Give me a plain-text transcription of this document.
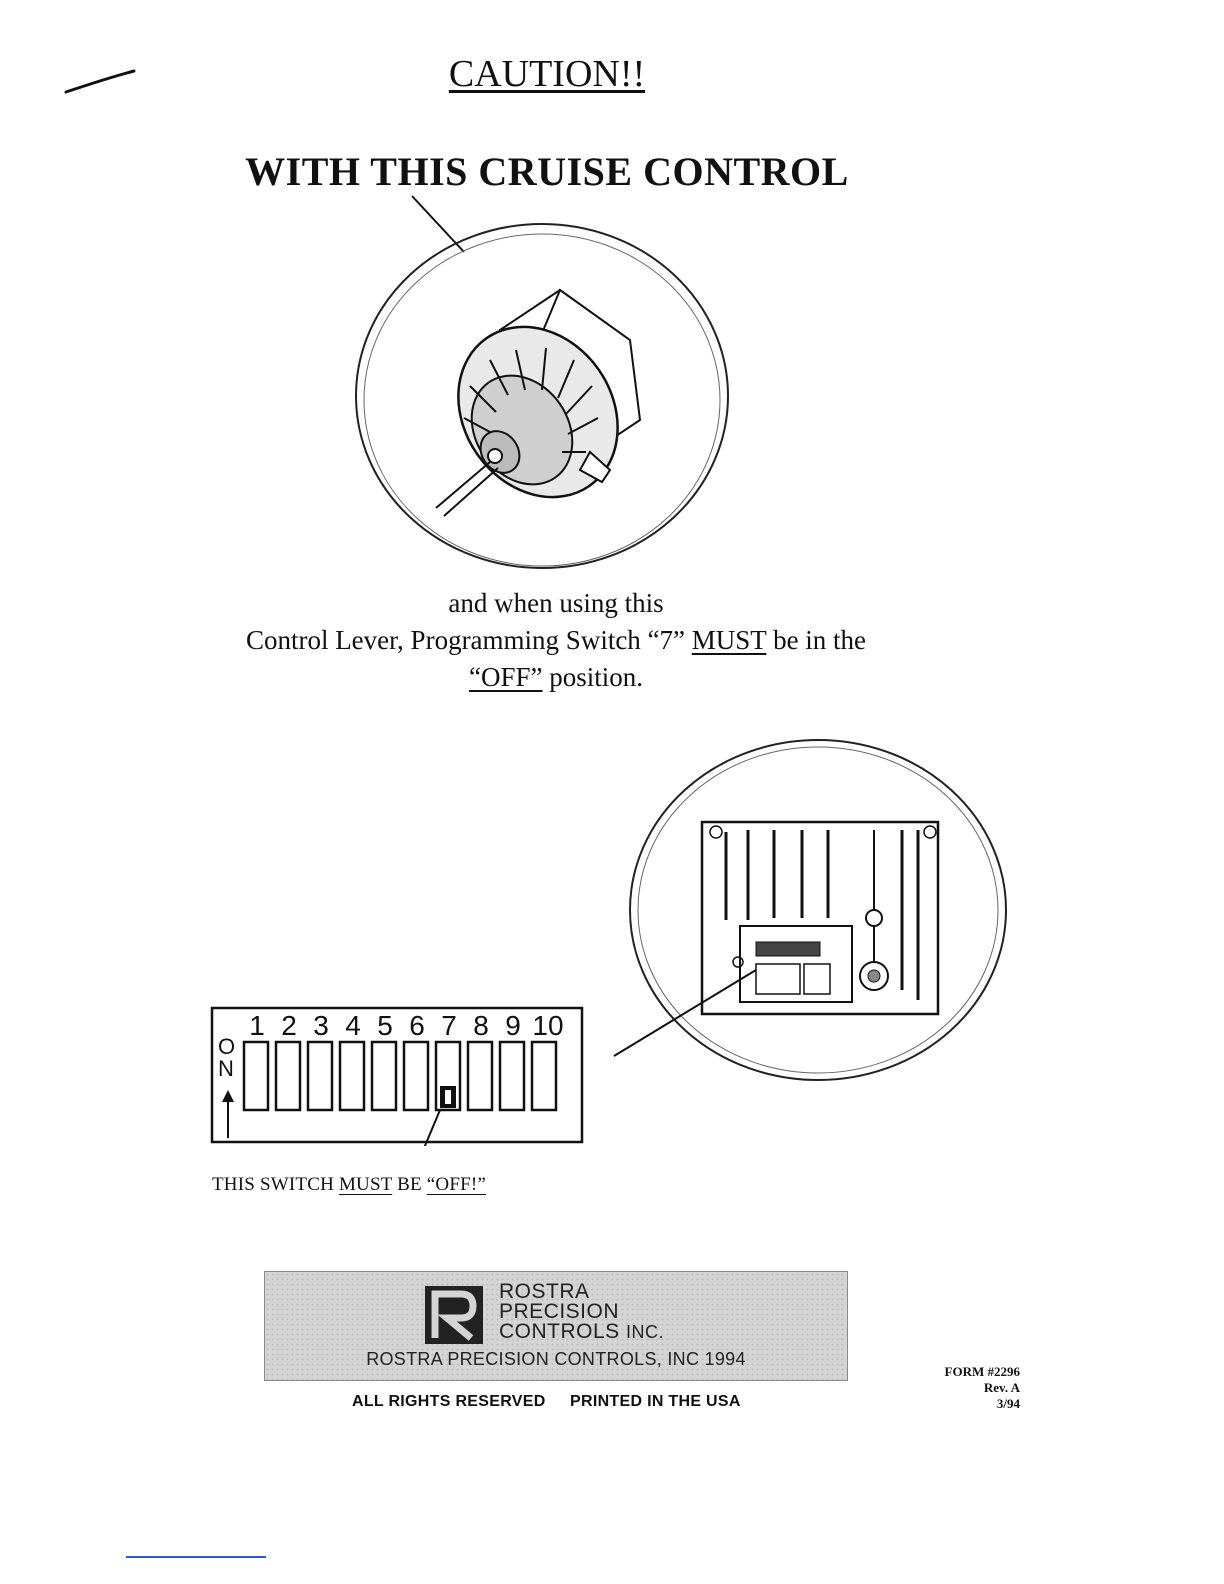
CAUTION!!
WITH THIS CRUISE CONTROL
and when using this
Control Lever, Programming Switch “7” MUST be in the
“OFF” position.
1 2 3 4 5 6 7 8 9 10
ON
THIS SWITCH MUST BE “OFF!”
ROSTRA
PRECISION
CONTROLS INC.
ROSTRA PRECISION CONTROLS, INC 1994
ALL RIGHTS RESERVED PRINTED IN THE USA
FORM #2296
Rev. A
3/94
